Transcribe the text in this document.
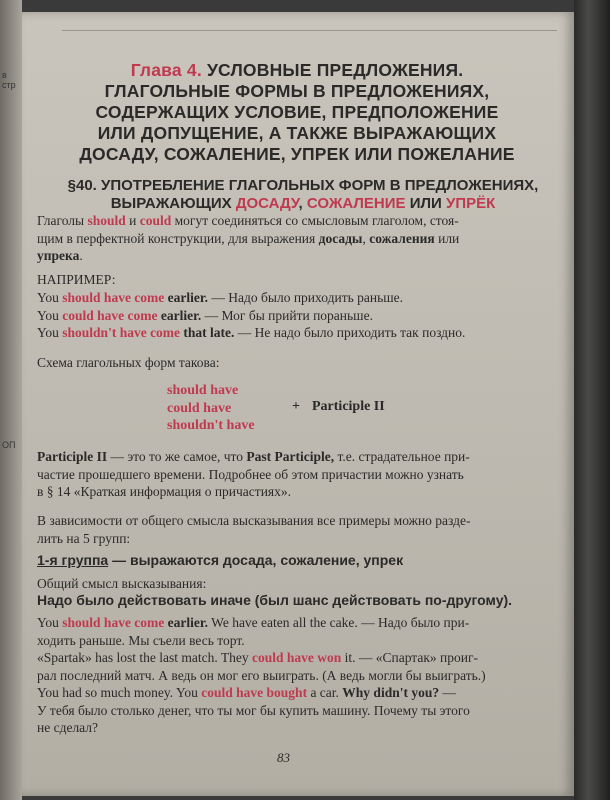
в стр
ОП
Глава 4. УСЛОВНЫЕ ПРЕДЛОЖЕНИЯ.
ГЛАГОЛЬНЫЕ ФОРМЫ В ПРЕДЛОЖЕНИЯХ,
СОДЕРЖАЩИХ УСЛОВИЕ, ПРЕДПОЛОЖЕНИЕ
ИЛИ ДОПУЩЕНИЕ, А ТАКЖЕ ВЫРАЖАЮЩИХ
ДОСАДУ, СОЖАЛЕНИЕ, УПРЕК ИЛИ ПОЖЕЛАНИЕ
§40. УПОТРЕБЛЕНИЕ ГЛАГОЛЬНЫХ ФОРМ В ПРЕДЛОЖЕНИЯХ,
ВЫРАЖАЮЩИХ ДОСАДУ, СОЖАЛЕНИЕ ИЛИ УПРЁК
Глаголы should и could могут соединяться со смысловым глаголом, стоя-
щим в перфектной конструкции, для выражения досады, сожаления или
упрека.
НАПРИМЕР:
You should have come earlier. — Надо было приходить раньше.
You could have come earlier. — Мог бы прийти пораньше.
You shouldn't have come that late. — Не надо было приходить так поздно.
Схема глагольных форм такова:
should have
could have
shouldn't have
+ Participle II
Participle II — это то же самое, что Past Participle, т.е. страдательное при-
частие прошедшего времени. Подробнее об этом причастии можно узнать
в § 14 «Краткая информация о причастиях».
В зависимости от общего смысла высказывания все примеры можно разде-
лить на 5 групп:
1-я группа — выражаются досада, сожаление, упрек
Общий смысл высказывания:
Надо было действовать иначе (был шанс действовать по-другому).
You should have come earlier. We have eaten all the cake. — Надо было при-
ходить раньше. Мы съели весь торт.
«Spartak» has lost the last match. They could have won it. — «Спартак» проиг-
рал последний матч. А ведь он мог его выиграть. (А ведь могли бы выиграть.)
You had so much money. You could have bought a car. Why didn't you? —
У тебя было столько денег, что ты мог бы купить машину. Почему ты этого
не сделал?
83
